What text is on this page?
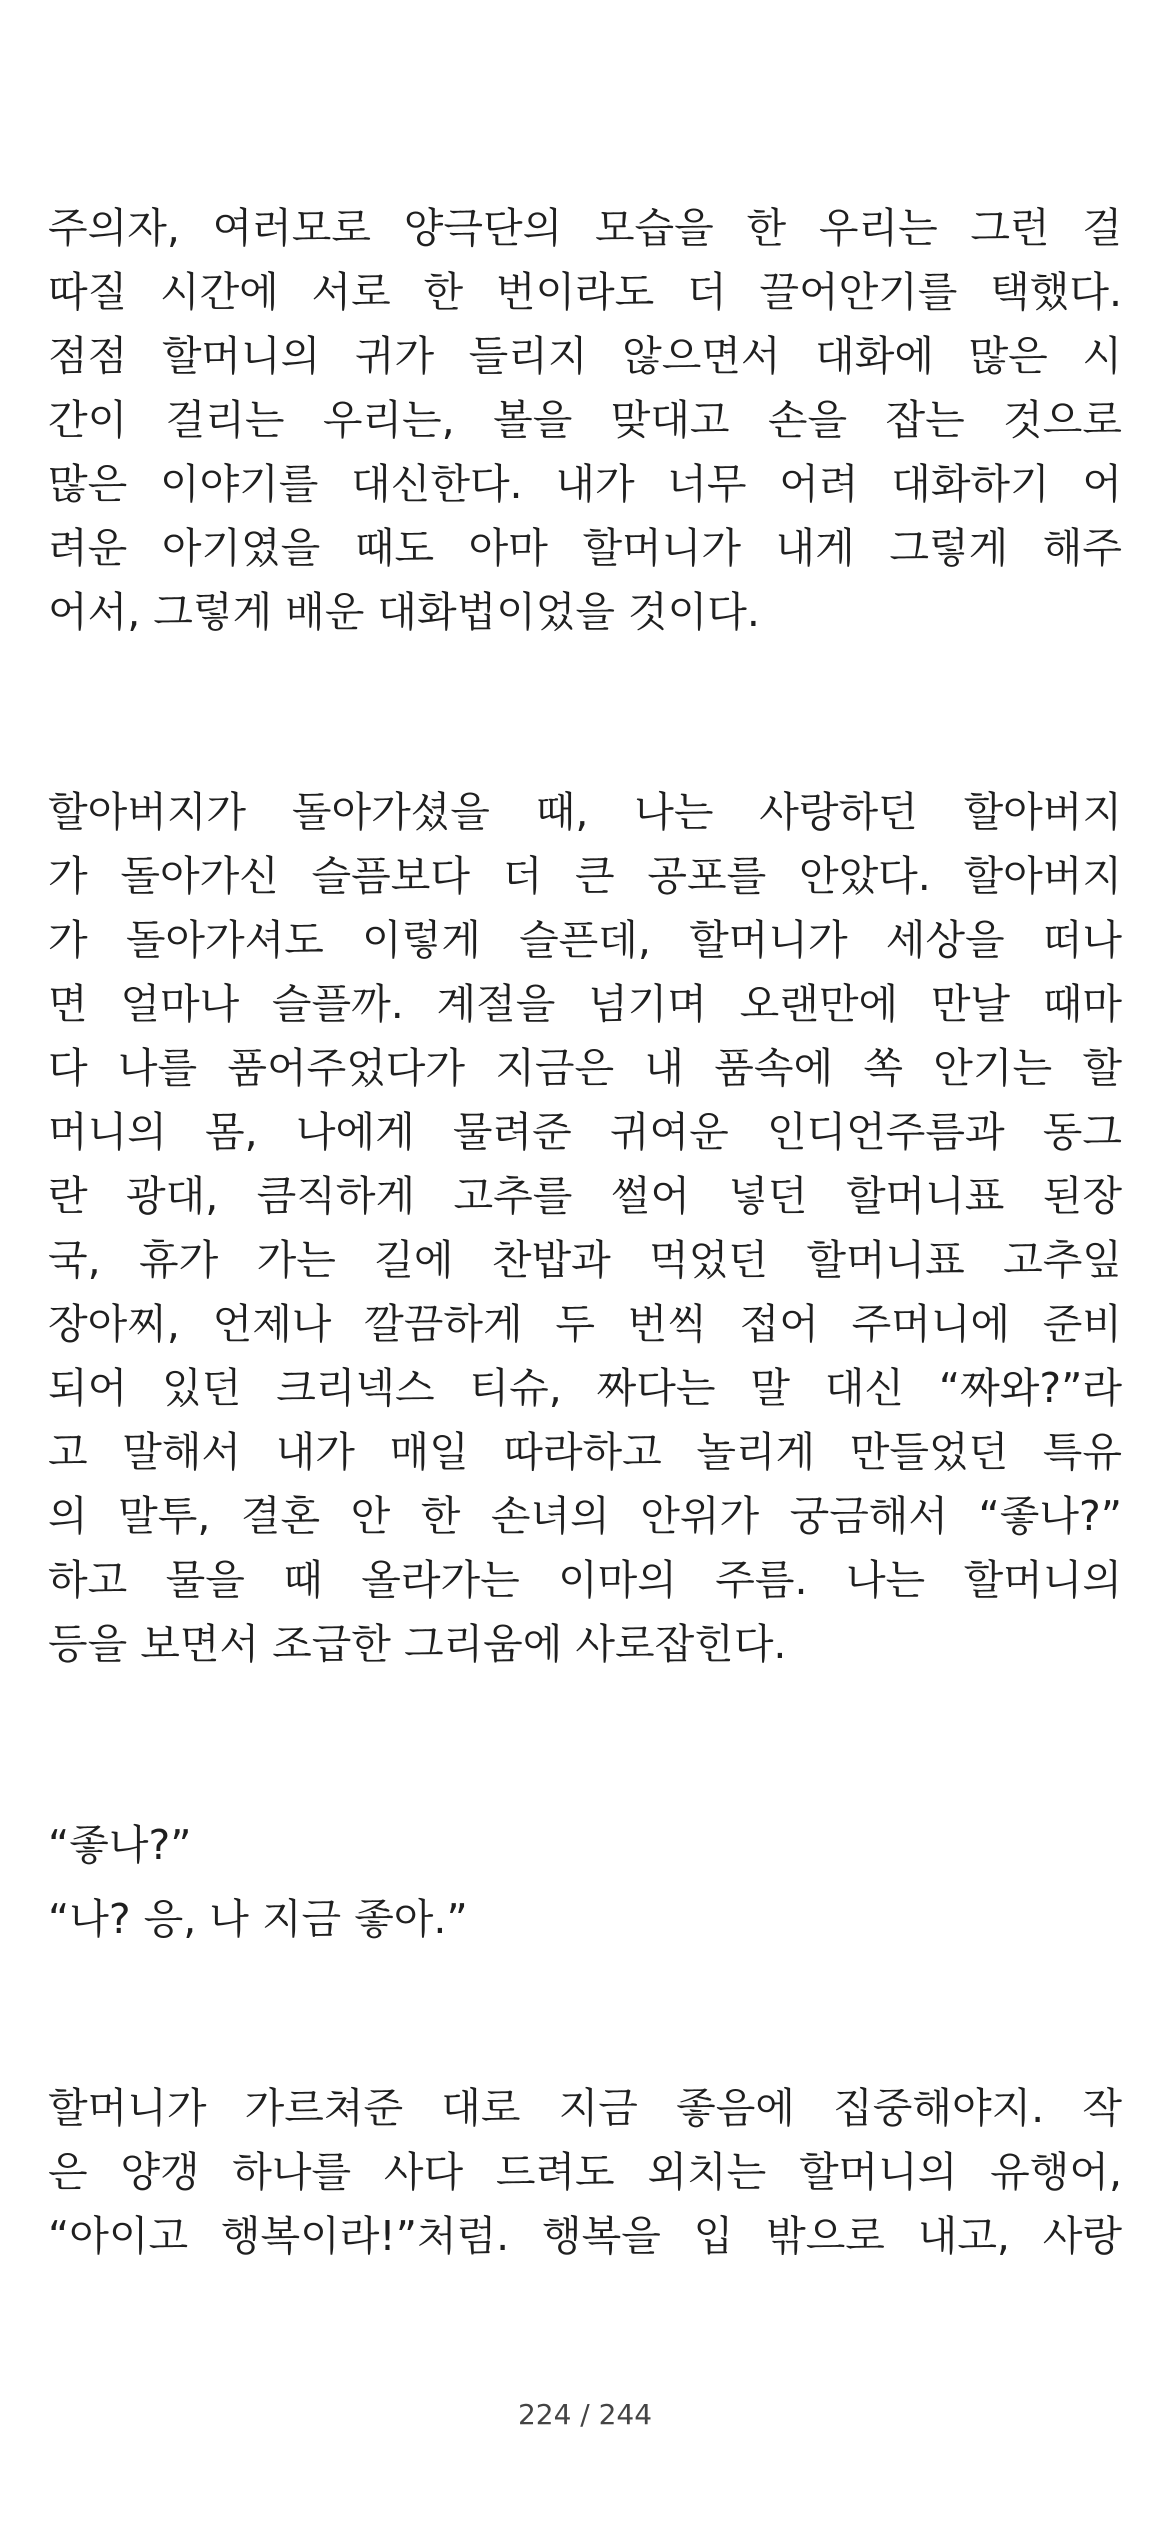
주의자, 여러모로 양극단의 모습을 한 우리는 그런 걸
따질 시간에 서로 한 번이라도 더 끌어안기를 택했다.
점점 할머니의 귀가 들리지 않으면서 대화에 많은 시
간이 걸리는 우리는, 볼을 맞대고 손을 잡는 것으로
많은 이야기를 대신한다. 내가 너무 어려 대화하기 어
려운 아기였을 때도 아마 할머니가 내게 그렇게 해주
어서, 그렇게 배운 대화법이었을 것이다.
할아버지가 돌아가셨을 때, 나는 사랑하던 할아버지
가 돌아가신 슬픔보다 더 큰 공포를 안았다. 할아버지
가 돌아가셔도 이렇게 슬픈데, 할머니가 세상을 떠나
면 얼마나 슬플까. 계절을 넘기며 오랜만에 만날 때마
다 나를 품어주었다가 지금은 내 품속에 쏙 안기는 할
머니의 몸, 나에게 물려준 귀여운 인디언주름과 동그
란 광대, 큼직하게 고추를 썰어 넣던 할머니표 된장
국, 휴가 가는 길에 찬밥과 먹었던 할머니표 고추잎
장아찌, 언제나 깔끔하게 두 번씩 접어 주머니에 준비
되어 있던 크리넥스 티슈, 짜다는 말 대신 “짜와?”라
고 말해서 내가 매일 따라하고 놀리게 만들었던 특유
의 말투, 결혼 안 한 손녀의 안위가 궁금해서 “좋나?”
하고 물을 때 올라가는 이마의 주름. 나는 할머니의
등을 보면서 조급한 그리움에 사로잡힌다.
“좋나?”
“나? 응, 나 지금 좋아.”
할머니가 가르쳐준 대로 지금 좋음에 집중해야지. 작
은 양갱 하나를 사다 드려도 외치는 할머니의 유행어,
“아이고 행복이라!”처럼. 행복을 입 밖으로 내고, 사랑
224 / 244
